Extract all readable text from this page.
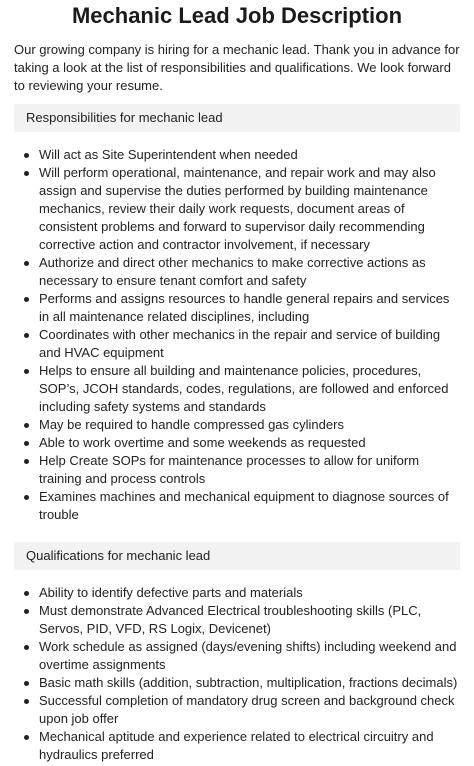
Mechanic Lead Job Description

Our growing company is hiring for a mechanic lead. Thank you in advance for taking a look at the list of responsibilities and qualifications. We look forward to reviewing your resume.

Responsibilities for mechanic lead
Will act as Site Superintendent when needed
Will perform operational, maintenance, and repair work and may also assign and supervise the duties performed by building maintenance mechanics, review their daily work requests, document areas of consistent problems and forward to supervisor daily recommending corrective action and contractor involvement, if necessary
Authorize and direct other mechanics to make corrective actions as necessary to ensure tenant comfort and safety
Performs and assigns resources to handle general repairs and services in all maintenance related disciplines, including
Coordinates with other mechanics in the repair and service of building and HVAC equipment
Helps to ensure all building and maintenance policies, procedures, SOP’s, JCOH standards, codes, regulations, are followed and enforced including safety systems and standards
May be required to handle compressed gas cylinders
Able to work overtime and some weekends as requested
Help Create SOPs for maintenance processes to allow for uniform training and process controls
Examines machines and mechanical equipment to diagnose sources of trouble
Qualifications for mechanic lead
Ability to identify defective parts and materials
Must demonstrate Advanced Electrical troubleshooting skills (PLC, Servos, PID, VFD, RS Logix, Devicenet)
Work schedule as assigned (days/evening shifts) including weekend and overtime assignments
Basic math skills (addition, subtraction, multiplication, fractions decimals)
Successful completion of mandatory drug screen and background check upon job offer
Mechanical aptitude and experience related to electrical circuitry and hydraulics preferred
